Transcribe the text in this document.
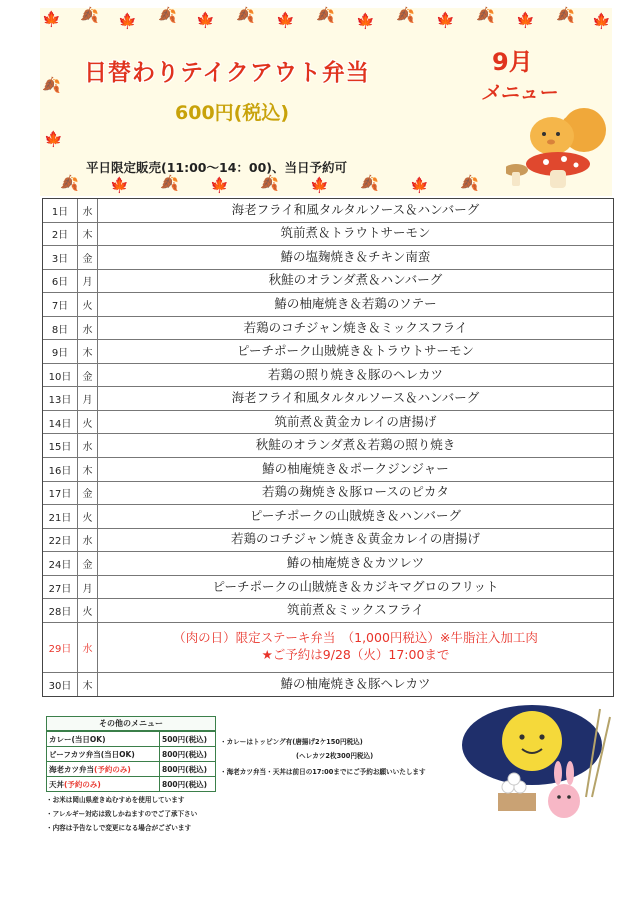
🍁 🍂 🍁 🍂 🍁 🍂 🍁 🍂 🍁 🍂 🍁 🍂 🍁 🍂 🍁
🍂
🍁
🍂 🍁 🍂 🍁 🍂 🍁 🍂 🍁 🍂
日替わりテイクアウト弁当
600円(税込)
9月
メニュー
平日限定販売(11:00～14：00)、当日予約可
1日	水	海老フライ和風タルタルソース＆ハンバーグ
2日	木	筑前煮＆トラウトサーモン
3日	金	鰆の塩麹焼き＆チキン南蛮
6日	月	秋鮭のオランダ煮＆ハンバーグ
7日	火	鰆の柚庵焼き＆若鶏のソテー
8日	水	若鶏のコチジャン焼き＆ミックスフライ
9日	木	ピーチポーク山賊焼き＆トラウトサーモン
10日	金	若鶏の照り焼き＆豚のヘレカツ
13日	月	海老フライ和風タルタルソース＆ハンバーグ
14日	火	筑前煮＆黄金カレイの唐揚げ
15日	水	秋鮭のオランダ煮＆若鶏の照り焼き
16日	木	鰆の柚庵焼き＆ポークジンジャー
17日	金	若鶏の麹焼き＆豚ロースのピカタ
21日	火	ピーチポークの山賊焼き＆ハンバーグ
22日	水	若鶏のコチジャン焼き＆黄金カレイの唐揚げ
24日	金	鰆の柚庵焼き＆カツレツ
27日	月	ピーチポークの山賊焼き＆カジキマグロのフリット
28日	火	筑前煮＆ミックスフライ
29日	水
（肉の日）限定ステーキ弁当　（1,000円税込）※牛脂注入加工肉
★ご予約は9/28（火）17:00まで
30日	木	鰆の柚庵焼き＆豚ヘレカツ
その他のメニュー
カレー(当日OK)	500円(税込)
ビーフカツ弁当(当日OK)	800円(税込)
海老カツ弁当(予約のみ)	800円(税込)
天丼(予約のみ)	800円(税込)
・カレーはトッピング有(唐揚げ2ケ150円税込)
(ヘレカツ2枚300円税込)
・海老カツ弁当・天丼は前日の17:00までにご予約お願いいたします
・お米は岡山県産きぬむすめを使用しています
・アレルギー対応は致しかねますのでご了承下さい
・内容は予告なしで変更になる場合がございます
